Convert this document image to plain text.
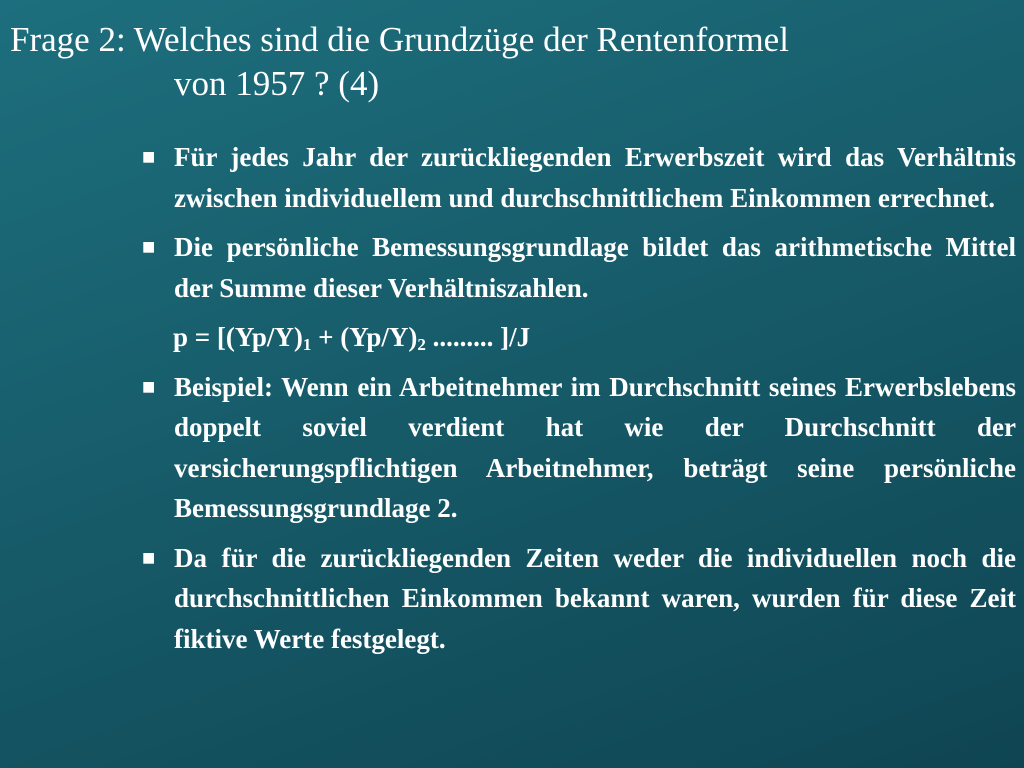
Frage 2: Welches sind die Grundzüge der Rentenformel
von 1957 ? (4)
■ Für jedes Jahr der zurückliegenden Erwerbszeit wird das Verhältnis zwischen individuellem und durchschnittlichem Einkommen errechnet.
■ Die persönliche Bemessungsgrundlage bildet das arithmetische Mittel der Summe dieser Verhältniszahlen.
$p = [(Yp/Y)_1 + (Yp/Y)_2$ ......... ]/J
■ Beispiel: Wenn ein Arbeitnehmer im Durchschnitt seines Erwerbslebens doppelt soviel verdient hat wie der Durchschnitt der versicherungspflichtigen Arbeitnehmer, beträgt seine persönliche Bemessungsgrundlage 2.
■ Da für die zurückliegenden Zeiten weder die individuellen noch die durchschnittlichen Einkommen bekannt waren, wurden für diese Zeit fiktive Werte festgelegt.
